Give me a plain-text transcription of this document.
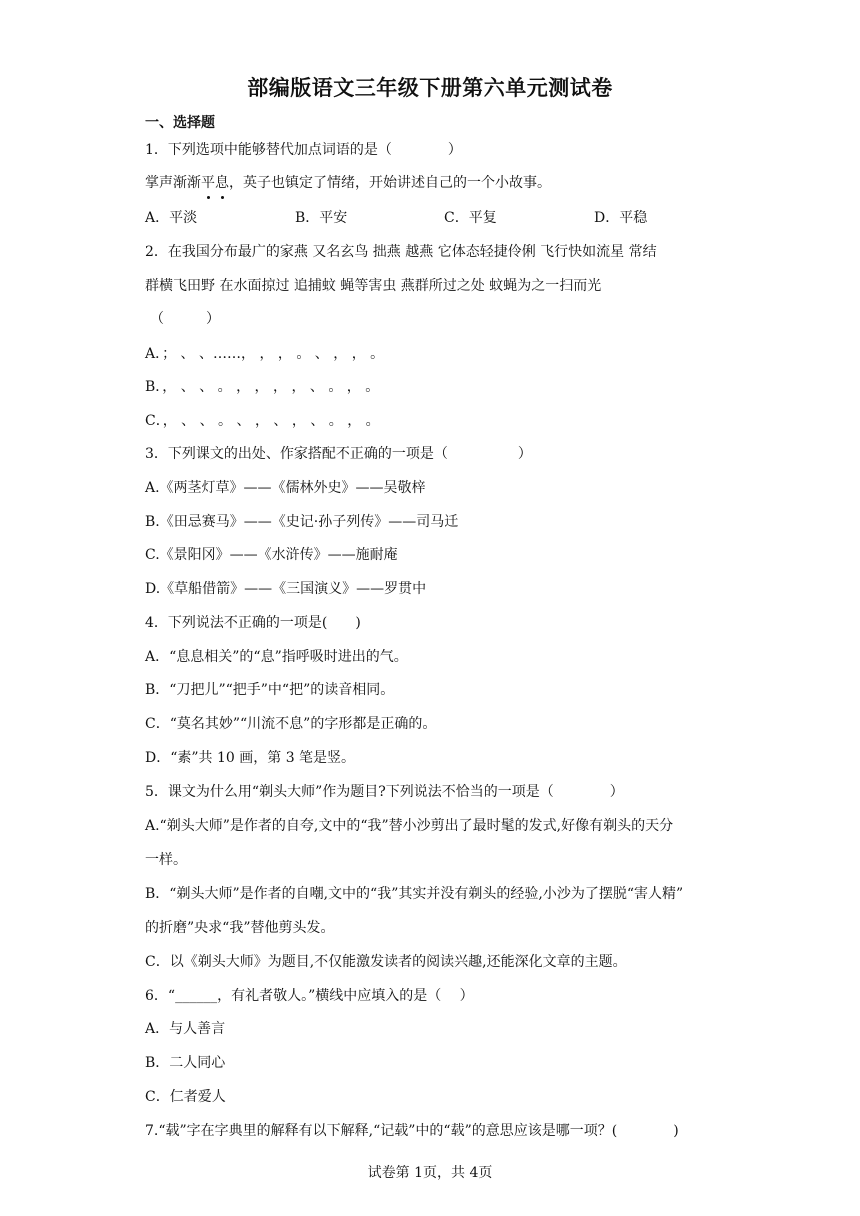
部编版语文三年级下册第六单元测试卷
一、选择题
1．下列选项中能够替代加点词语的是（　　　　）
掌声渐渐平息，英子也镇定了情绪，开始讲述自己的一个小故事。
A．平淡	B．平安	C．平复	D．平稳
2．在我国分布最广的家燕 又名玄鸟 拙燕 越燕 它体态轻捷伶俐 飞行快如流星 常结
群横飞田野 在水面掠过 追捕蚊 蝇等害虫 燕群所过之处 蚊蝇为之一扫而光
（　　　）
A．； 、 、……， ， ， 。 、 ， ， 。
B．， 、 、 。 ， ， ， ， 、 。 ， 。
C．， 、 、 。 、 ， 、 ， 、 。 ， 。
3．下列课文的出处、作家搭配不正确的一项是（　　　　　）
A.《两茎灯草》——《儒林外史》——吴敬梓
B.《田忌赛马》——《史记·孙子列传》——司马迁
C.《景阳冈》——《水浒传》——施耐庵
D.《草船借箭》——《三国演义》——罗贯中
4．下列说法不正确的一项是(　　)
A．“息息相关”的“息”指呼吸时进出的气。
B．“刀把儿”“把手”中“把”的读音相同。
C．“莫名其妙”“川流不息”的字形都是正确的。
D．“素”共 10 画，第 3 笔是竖。
5．课文为什么用“剃头大师”作为题目?下列说法不恰当的一项是（　　　　）
A.“剃头大师”是作者的自夸,文中的“我”替小沙剪出了最时髦的发式,好像有剃头的天分
一样。
B．“剃头大师”是作者的自嘲,文中的“我”其实并没有剃头的经验,小沙为了摆脱“害人精”
的折磨”央求“我”替他剪头发。
C．以《剃头大师》为题目,不仅能激发读者的阅读兴趣,还能深化文章的主题。
6．“______，有礼者敬人。”横线中应填入的是（　 ）
A．与人善言
B．二人同心
C．仁者爱人
7.“载”字在字典里的解释有以下解释,“记载”中的“载”的意思应该是哪一项？(　　　　)
试卷第 1页，共 4页
